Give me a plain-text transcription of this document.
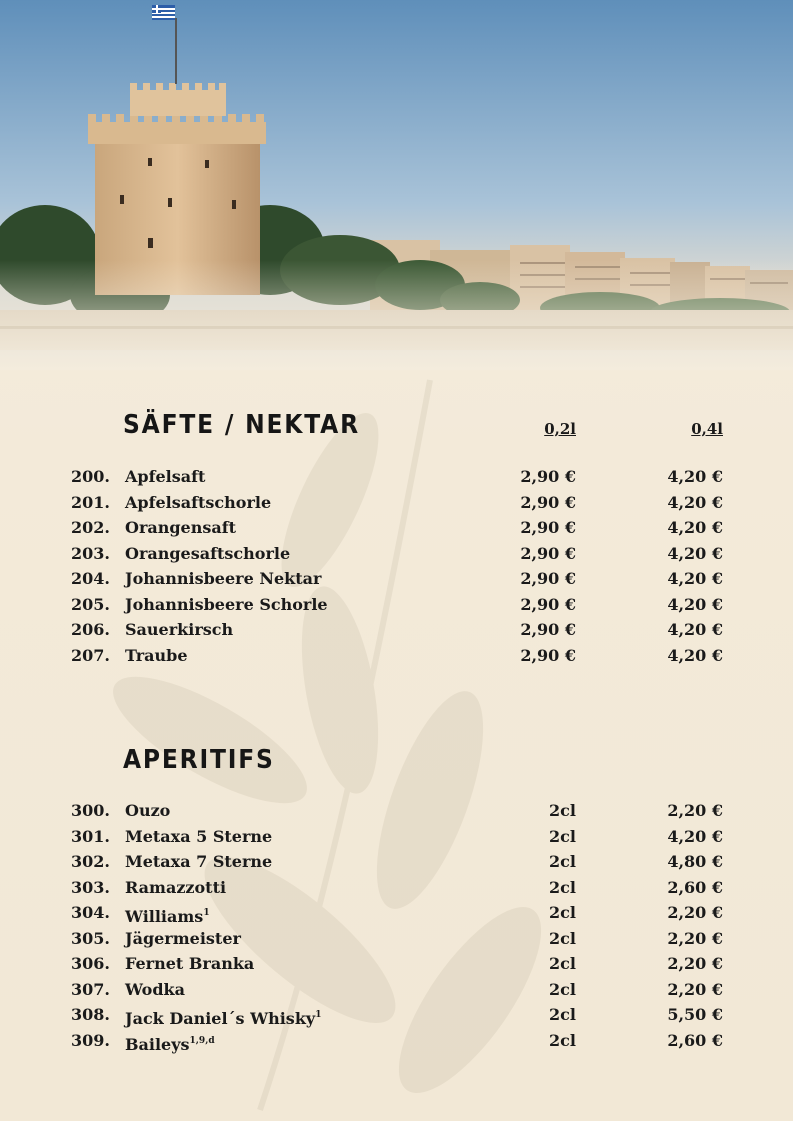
SÄFTE / NEKTAR	0,2l	0,4l
200. Apfelsaft	2,90 €	4,20 €
201. Apfelsaftschorle	2,90 €	4,20 €
202. Orangensaft	2,90 €	4,20 €
203. Orangesaftschorle	2,90 €	4,20 €
204. Johannisbeere Nektar	2,90 €	4,20 €
205. Johannisbeere Schorle	2,90 €	4,20 €
206. Sauerkirsch	2,90 €	4,20 €
207. Traube	2,90 €	4,20 €
APERITIFS
300. Ouzo	2cl	2,20 €
301. Metaxa 5 Sterne	2cl	4,20 €
302. Metaxa 7 Sterne	2cl	4,80 €
303. Ramazzotti	2cl	2,60 €
304. Williams$^1$	2cl	2,20 €
305. Jägermeister	2cl	2,20 €
306. Fernet Branka	2cl	2,20 €
307. Wodka	2cl	2,20 €
308. Jack Daniel´s Whisky$^1$	2cl	5,50 €
309. Baileys$^{1,9,d}$	2cl	2,60 €
